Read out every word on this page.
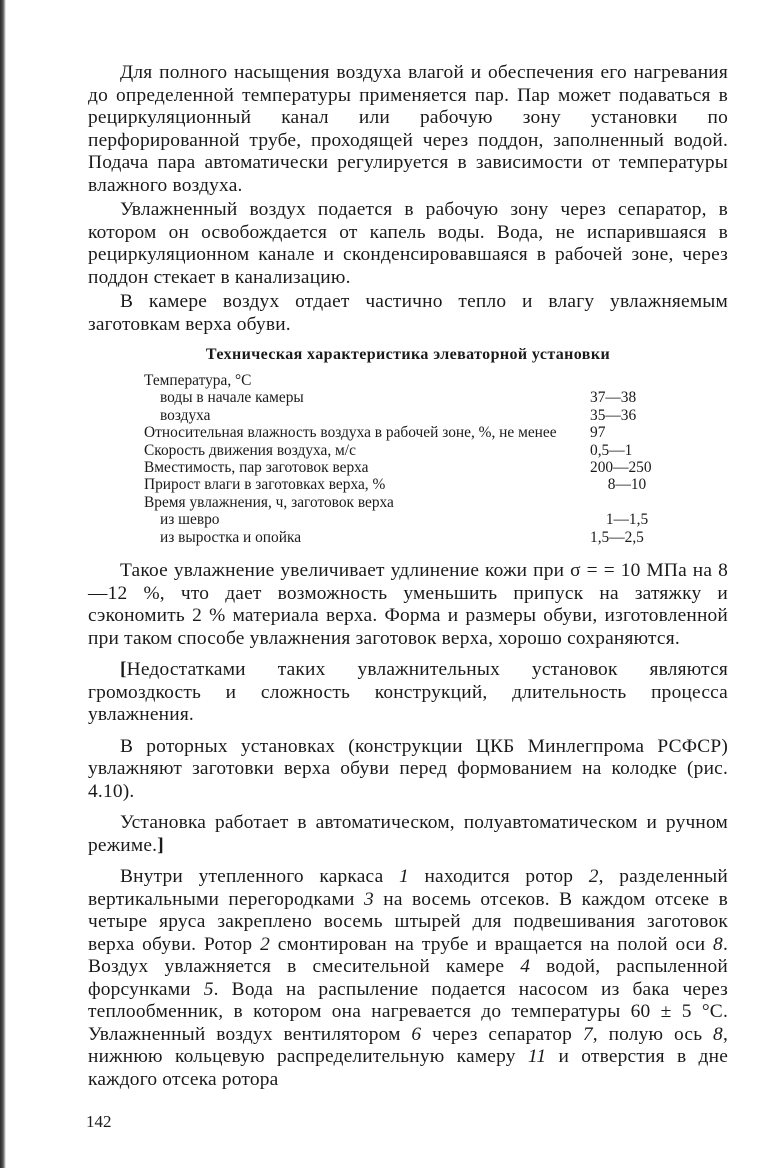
Для полного насыщения воздуха влагой и обеспечения его нагревания до определенной температуры применяется пар. Пар может подаваться в рециркуляционный канал или рабочую зону установки по перфорированной трубе, проходящей через поддон, заполненный водой. Подача пара автоматически регулируется в зависимости от температуры влажного воздуха.

Увлажненный воздух подается в рабочую зону через сепаратор, в котором он освобождается от капель воды. Вода, не испарившаяся в рециркуляционном канале и сконденсировавшаяся в рабочей зоне, через поддон стекает в канализацию.

В камере воздух отдает частично тепло и влагу увлажняемым заготовкам верха обуви.

Техническая характеристика элеваторной установки
Температура, °С	
воды в начале камеры	37—38
воздуха	35—36
Относительная влажность воздуха в рабочей зоне, %, не менее	97
Скорость движения воздуха, м/с	0,5—1
Вместимость, пар заготовок верха	200—250
Прирост влаги в заготовках верха, %	8—10
Время увлажнения, ч, заготовок верха	
из шевро	1—1,5
из выростка и опойка	1,5—2,5

Такое увлажнение увеличивает удлинение кожи при σ = = 10 МПа на 8—12 %, что дает возможность уменьшить припуск на затяжку и сэкономить 2 % материала верха. Форма и размеры обуви, изготовленной при таком способе увлажнения заготовок верха, хорошо сохраняются.

[Недостатками таких увлажнительных установок являются громоздкость и сложность конструкций, длительность процесса увлажнения.

В роторных установках (конструкции ЦКБ Минлегпрома РСФСР) увлажняют заготовки верха обуви перед формованием на колодке (рис. 4.10).

Установка работает в автоматическом, полуавтоматическом и ручном режиме.]

Внутри утепленного каркаса 1 находится ротор 2, разделенный вертикальными перегородками 3 на восемь отсеков. В каждом отсеке в четыре яруса закреплено восемь штырей для подвешивания заготовок верха обуви. Ротор 2 смонтирован на трубе и вращается на полой оси 8. Воздух увлажняется в смесительной камере 4 водой, распыленной форсунками 5. Вода на распыление подается насосом из бака через теплообменник, в котором она нагревается до температуры 60 ± 5 °С. Увлажненный воздух вентилятором 6 через сепаратор 7, полую ось 8, нижнюю кольцевую распределительную камеру 11 и отверстия в дне каждого отсека ротора

142
